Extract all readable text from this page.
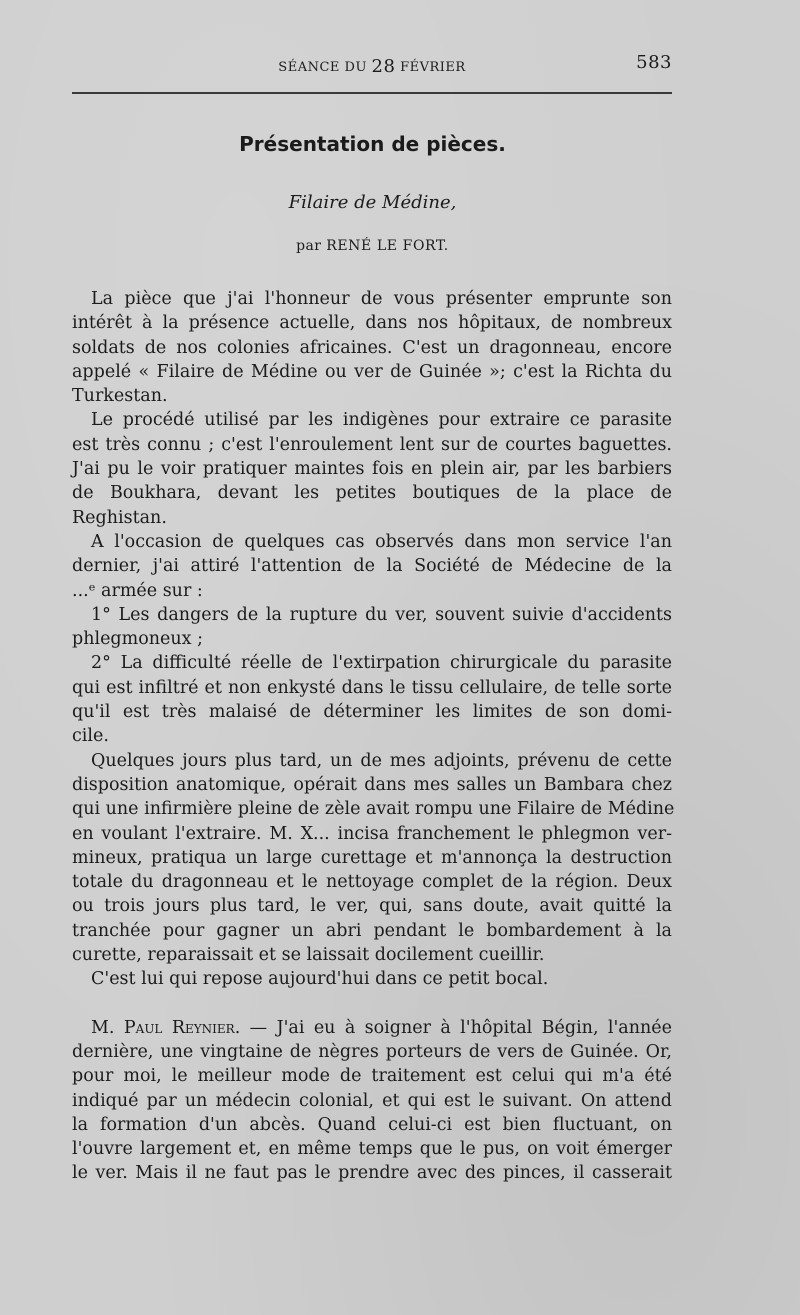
SÉANCE DU 28 FÉVRIER	583
Présentation de pièces.
Filaire de Médine,
par RENÉ LE FORT.
La pièce que j'ai l'honneur de vous présenter emprunte son
intérêt à la présence actuelle, dans nos hôpitaux, de nombreux
soldats de nos colonies africaines. C'est un dragonneau, encore
appelé « Filaire de Médine ou ver de Guinée »; c'est la Richta du
Turkestan.
Le procédé utilisé par les indigènes pour extraire ce parasite
est très connu ; c'est l'enroulement lent sur de courtes baguettes.
J'ai pu le voir pratiquer maintes fois en plein air, par les barbiers
de Boukhara, devant les petites boutiques de la place de
Reghistan.
A l'occasion de quelques cas observés dans mon service l'an
dernier, j'ai attiré l'attention de la Société de Médecine de la
...ᵉ armée sur :
1° Les dangers de la rupture du ver, souvent suivie d'accidents
phlegmoneux ;
2° La difficulté réelle de l'extirpation chirurgicale du parasite
qui est infiltré et non enkysté dans le tissu cellulaire, de telle sorte
qu'il est très malaisé de déterminer les limites de son domi-
cile.
Quelques jours plus tard, un de mes adjoints, prévenu de cette
disposition anatomique, opérait dans mes salles un Bambara chez
qui une infirmière pleine de zèle avait rompu une Filaire de Médine
en voulant l'extraire. M. X... incisa franchement le phlegmon ver-
mineux, pratiqua un large curettage et m'annonça la destruction
totale du dragonneau et le nettoyage complet de la région. Deux
ou trois jours plus tard, le ver, qui, sans doute, avait quitté la
tranchée pour gagner un abri pendant le bombardement à la
curette, reparaissait et se laissait docilement cueillir.
C'est lui qui repose aujourd'hui dans ce petit bocal.
M. Paul Reynier. — J'ai eu à soigner à l'hôpital Bégin, l'année
dernière, une vingtaine de nègres porteurs de vers de Guinée. Or,
pour moi, le meilleur mode de traitement est celui qui m'a été
indiqué par un médecin colonial, et qui est le suivant. On attend
la formation d'un abcès. Quand celui-ci est bien fluctuant, on
l'ouvre largement et, en même temps que le pus, on voit émerger
le ver. Mais il ne faut pas le prendre avec des pinces, il casserait
